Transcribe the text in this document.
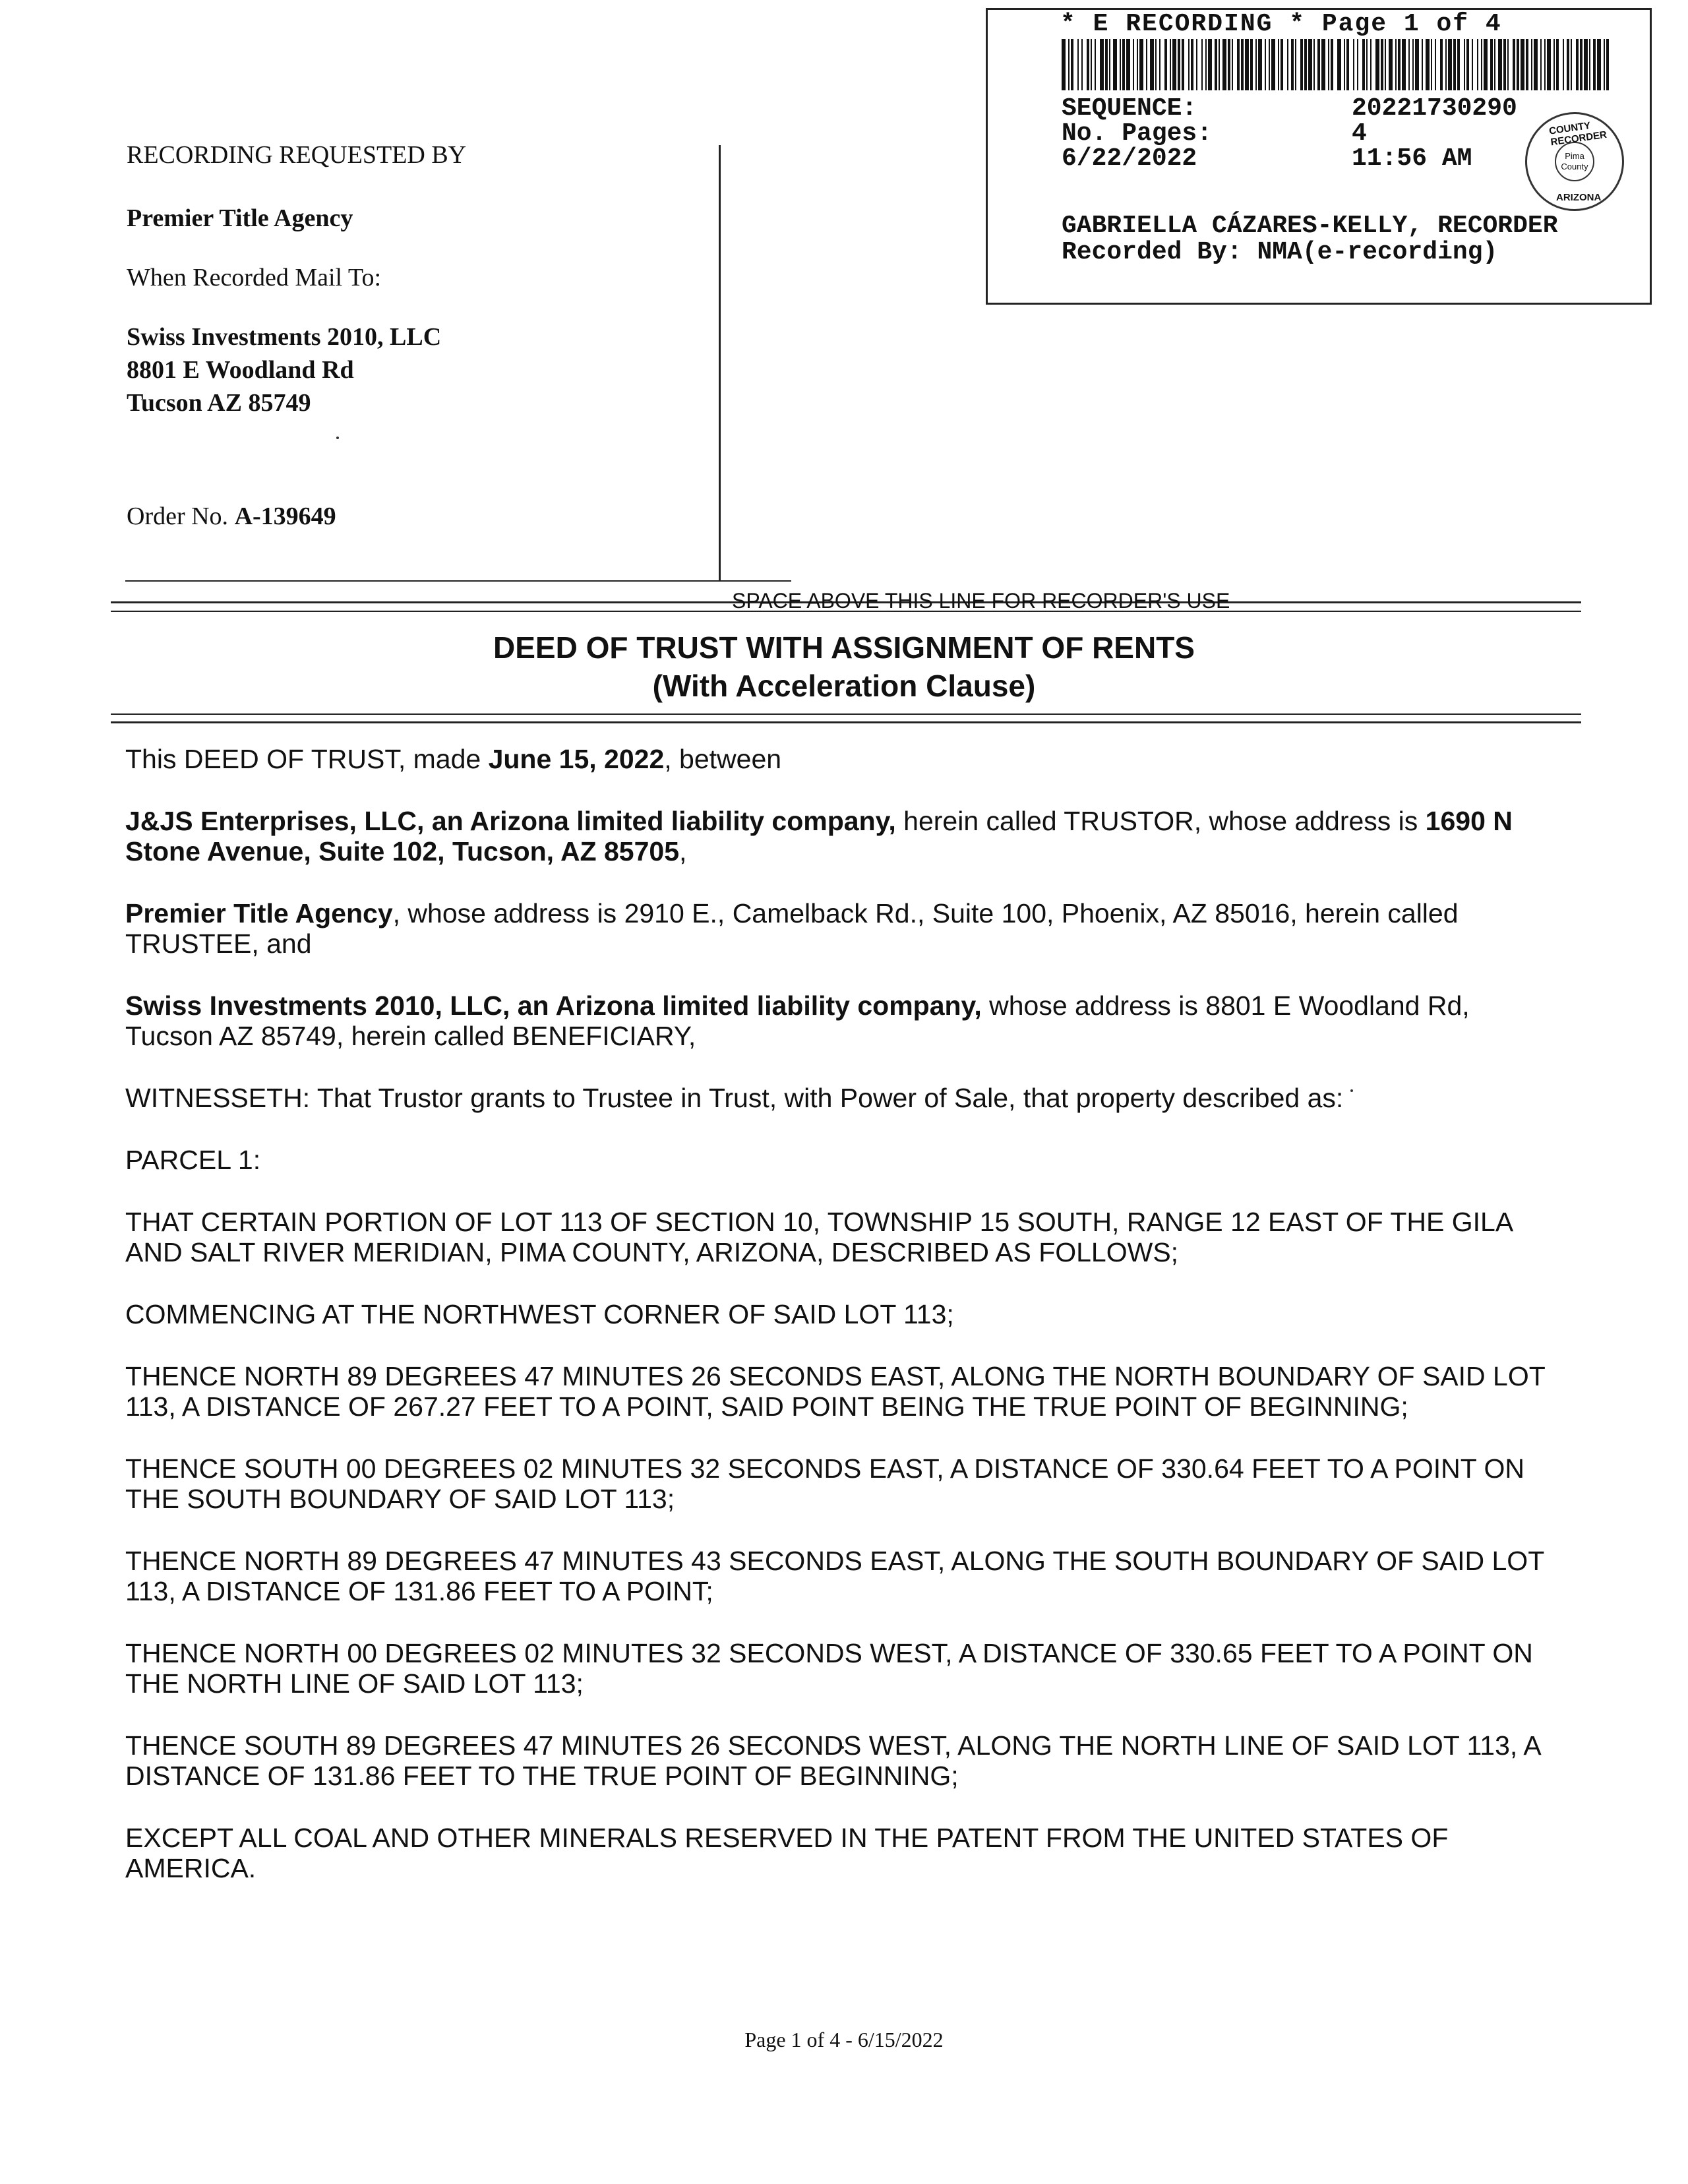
RECORDING REQUESTED BY
Premier Title Agency
When Recorded Mail To:
Swiss Investments 2010, LLC
8801 E Woodland Rd
Tucson AZ 85749
Order No. A-139649
* E RECORDING * Page 1 of 4
SEQUENCE:	20221730290
No. Pages:	4
6/22/2022	11:56 AM
COUNTY RECORDER
Pima County
ARIZONA
GABRIELLA CÁZARES-KELLY, RECORDER
Recorded By: NMA(e-recording)
SPACE ABOVE THIS LINE FOR RECORDER'S USE
DEED OF TRUST WITH ASSIGNMENT OF RENTS
(With Acceleration Clause)

This DEED OF TRUST, made June 15, 2022, between

J&JS Enterprises, LLC, an Arizona limited liability company, herein called TRUSTOR, whose address is 1690 N Stone Avenue, Suite 102, Tucson, AZ 85705,

Premier Title Agency, whose address is 2910 E., Camelback Rd., Suite 100, Phoenix, AZ 85016, herein called TRUSTEE, and

Swiss Investments 2010, LLC, an Arizona limited liability company, whose address is 8801 E Woodland Rd, Tucson AZ 85749, herein called BENEFICIARY,

WITNESSETH: That Trustor grants to Trustee in Trust, with Power of Sale, that property described as:

PARCEL 1:

THAT CERTAIN PORTION OF LOT 113 OF SECTION 10, TOWNSHIP 15 SOUTH, RANGE 12 EAST OF THE GILA AND SALT RIVER MERIDIAN, PIMA COUNTY, ARIZONA, DESCRIBED AS FOLLOWS;

COMMENCING AT THE NORTHWEST CORNER OF SAID LOT 113;

THENCE NORTH 89 DEGREES 47 MINUTES 26 SECONDS EAST, ALONG THE NORTH BOUNDARY OF SAID LOT 113, A DISTANCE OF 267.27 FEET TO A POINT, SAID POINT BEING THE TRUE POINT OF BEGINNING;

THENCE SOUTH 00 DEGREES 02 MINUTES 32 SECONDS EAST, A DISTANCE OF 330.64 FEET TO A POINT ON THE SOUTH BOUNDARY OF SAID LOT 113;

THENCE NORTH 89 DEGREES 47 MINUTES 43 SECONDS EAST, ALONG THE SOUTH BOUNDARY OF SAID LOT 113, A DISTANCE OF 131.86 FEET TO A POINT;

THENCE NORTH 00 DEGREES 02 MINUTES 32 SECONDS WEST, A DISTANCE OF 330.65 FEET TO A POINT ON THE NORTH LINE OF SAID LOT 113;

THENCE SOUTH 89 DEGREES 47 MINUTES 26 SECONDS WEST, ALONG THE NORTH LINE OF SAID LOT 113, A DISTANCE OF 131.86 FEET TO THE TRUE POINT OF BEGINNING;

EXCEPT ALL COAL AND OTHER MINERALS RESERVED IN THE PATENT FROM THE UNITED STATES OF AMERICA.

Page 1 of 4 - 6/15/2022
